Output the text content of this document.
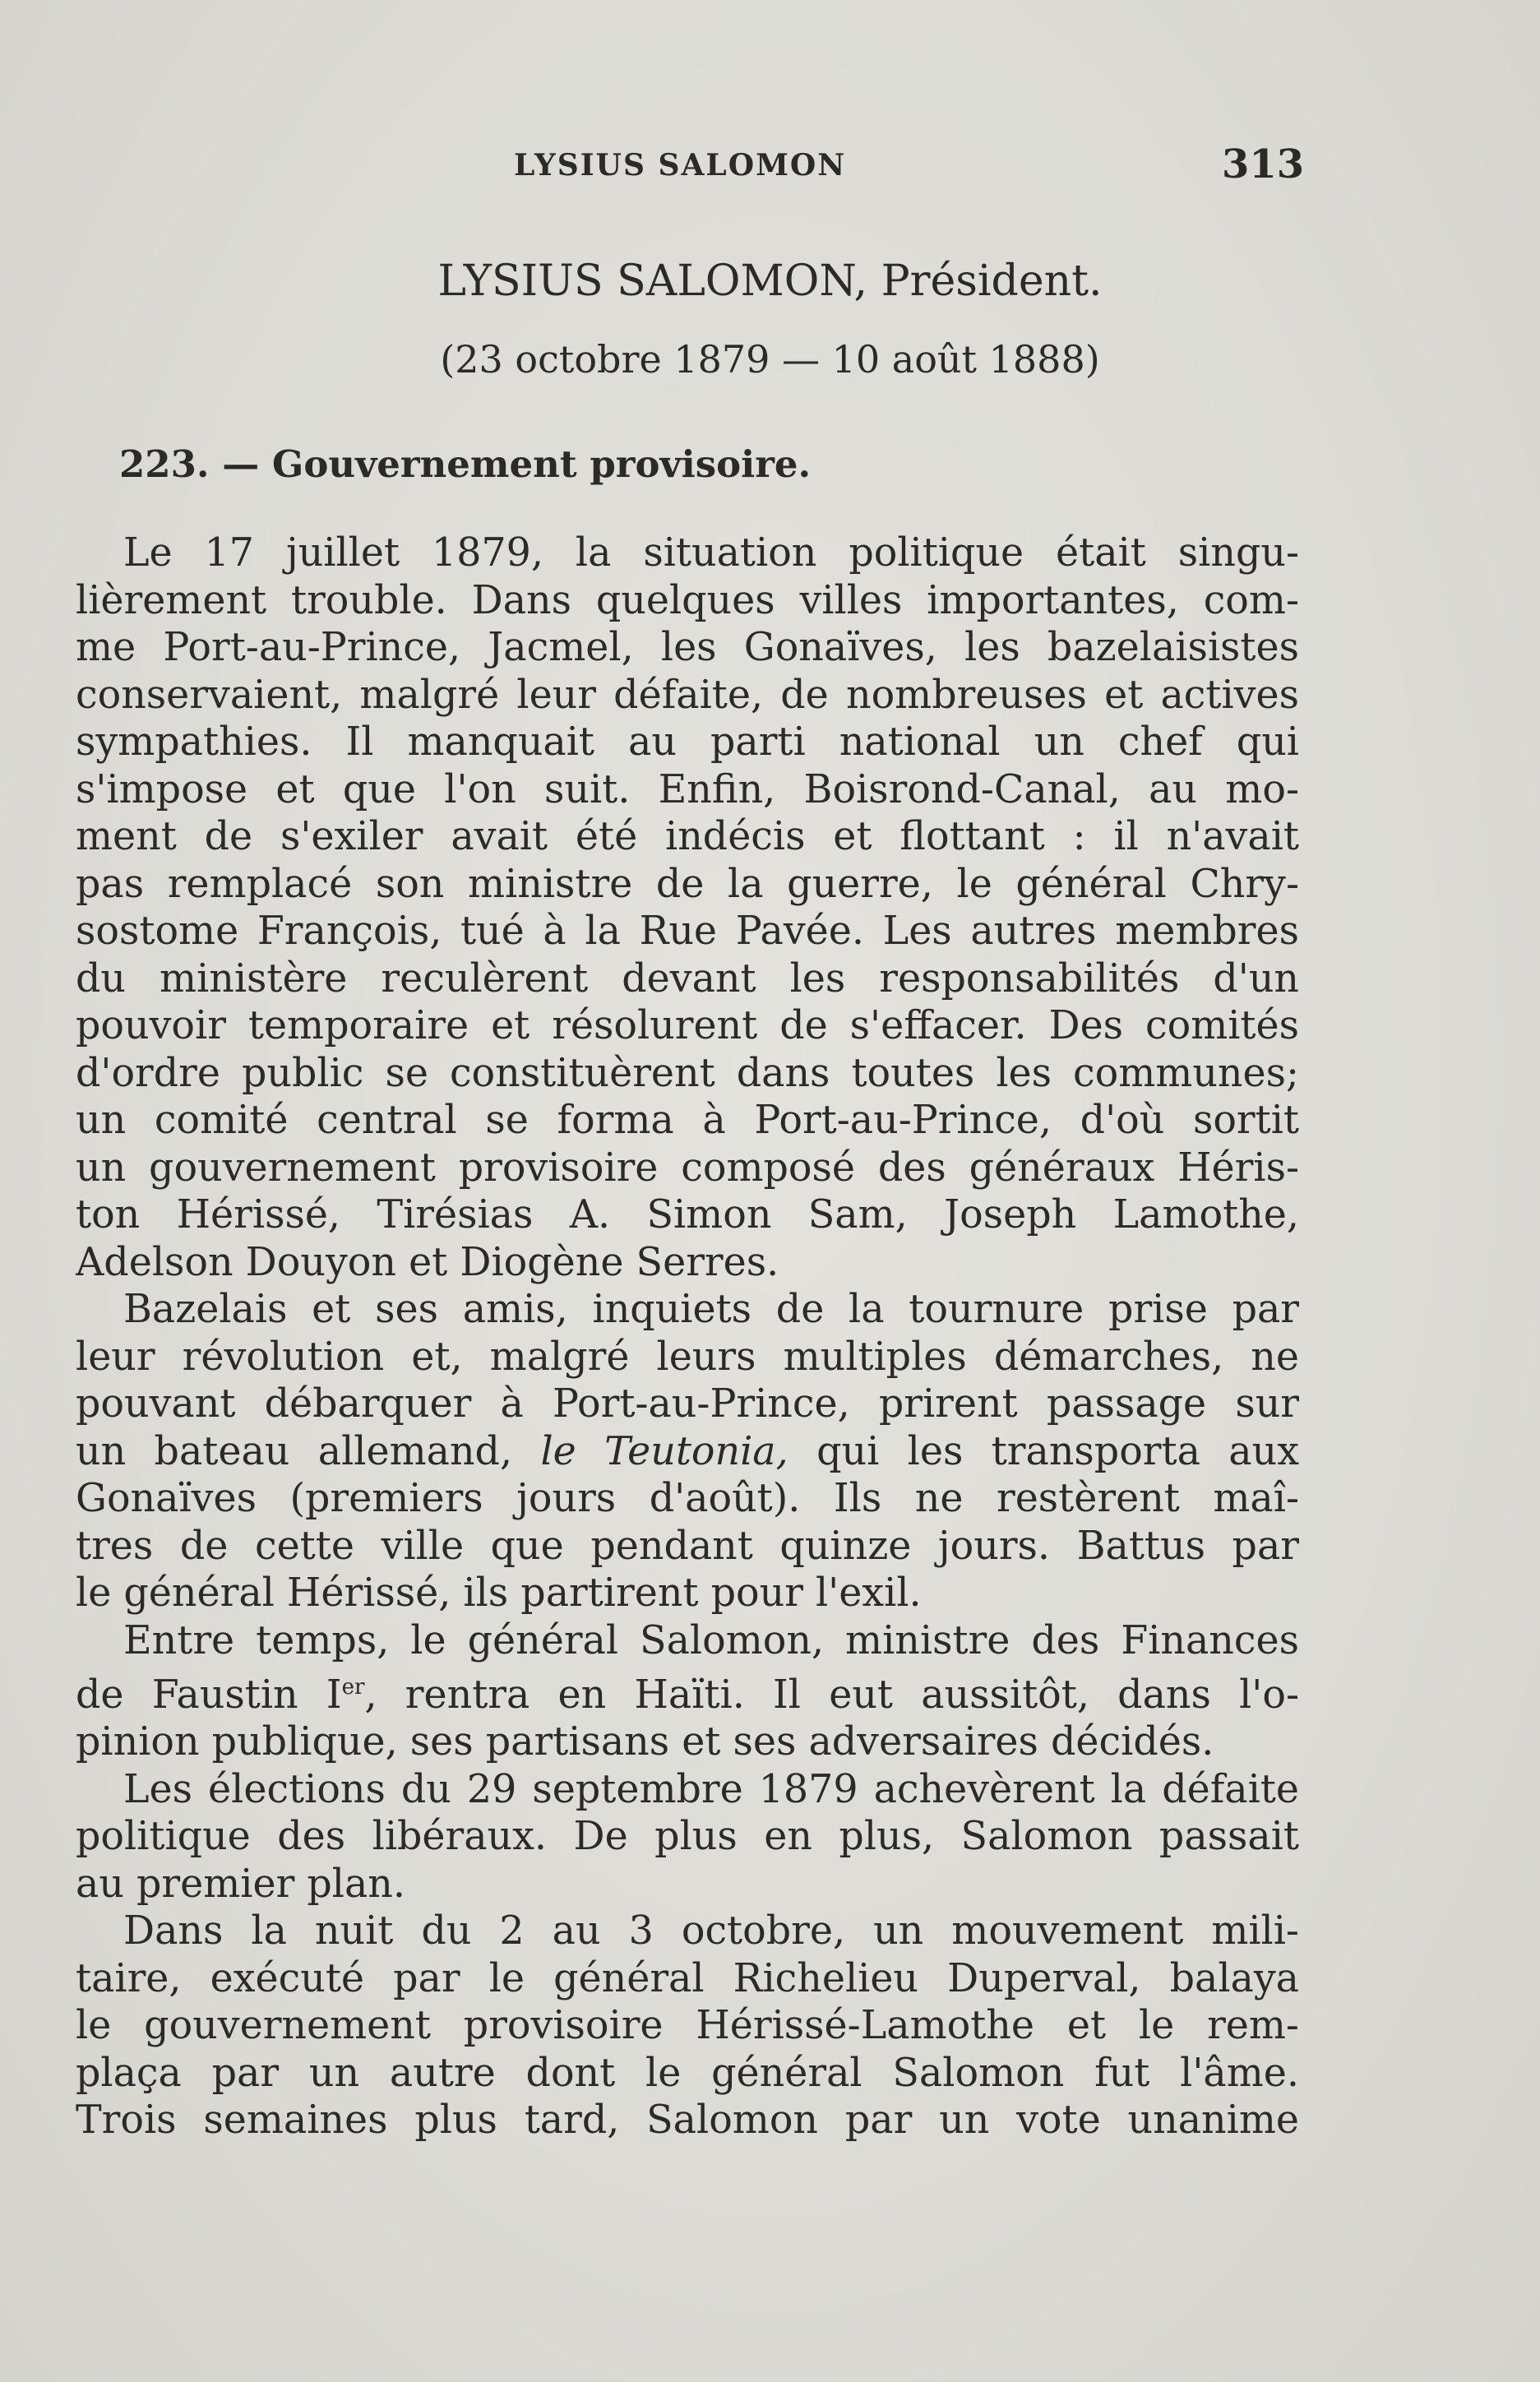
LYSIUS SALOMON	313
LYSIUS SALOMON, Président.
(23 octobre 1879 — 10 août 1888)
223. — Gouvernement provisoire.
Le 17 juillet 1879, la situation politique était singu-
lièrement trouble. Dans quelques villes importantes, com-
me Port-au-Prince, Jacmel, les Gonaïves, les bazelaisistes
conservaient, malgré leur défaite, de nombreuses et actives
sympathies. Il manquait au parti national un chef qui
s'impose et que l'on suit. Enfin, Boisrond-Canal, au mo-
ment de s'exiler avait été indécis et flottant : il n'avait
pas remplacé son ministre de la guerre, le général Chry-
sostome François, tué à la Rue Pavée. Les autres membres
du ministère reculèrent devant les responsabilités d'un
pouvoir temporaire et résolurent de s'effacer. Des comités
d'ordre public se constituèrent dans toutes les communes;
un comité central se forma à Port-au-Prince, d'où sortit
un gouvernement provisoire composé des généraux Héris-
ton Hérissé, Tirésias A. Simon Sam, Joseph Lamothe,
Adelson Douyon et Diogène Serres.
Bazelais et ses amis, inquiets de la tournure prise par
leur révolution et, malgré leurs multiples démarches, ne
pouvant débarquer à Port-au-Prince, prirent passage sur
un bateau allemand, le Teutonia, qui les transporta aux
Gonaïves (premiers jours d'août). Ils ne restèrent maî-
tres de cette ville que pendant quinze jours. Battus par
le général Hérissé, ils partirent pour l'exil.
Entre temps, le général Salomon, ministre des Finances
de Faustin Ier, rentra en Haïti. Il eut aussitôt, dans l'o-
pinion publique, ses partisans et ses adversaires décidés.
Les élections du 29 septembre 1879 achevèrent la défaite
politique des libéraux. De plus en plus, Salomon passait
au premier plan.
Dans la nuit du 2 au 3 octobre, un mouvement mili-
taire, exécuté par le général Richelieu Duperval, balaya
le gouvernement provisoire Hérissé-Lamothe et le rem-
plaça par un autre dont le général Salomon fut l'âme.
Trois semaines plus tard, Salomon par un vote unanime
